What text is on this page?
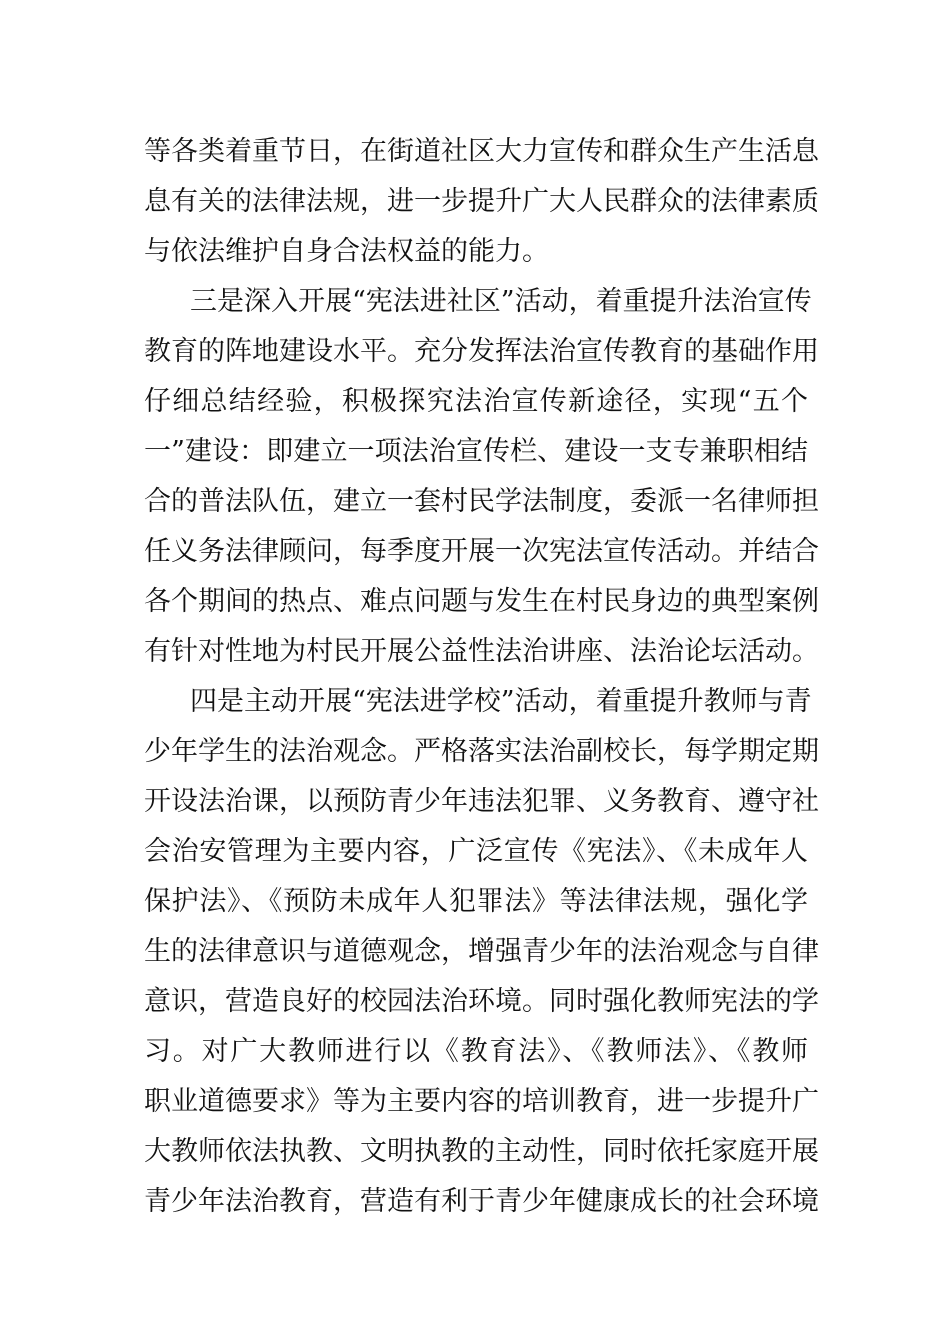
等各类着重节日，在街道社区大力宣传和群众生产生活息
息有关的法律法规，进一步提升广大人民群众的法律素质
与依法维护自身合法权益的能力。
三是深入开展“宪法进社区”活动，着重提升法治宣传
教育的阵地建设水平。充分发挥法治宣传教育的基础作用
仔细总结经验，积极探究法治宣传新途径，实现“五个
一”建设：即建立一项法治宣传栏、建设一支专兼职相结
合的普法队伍，建立一套村民学法制度，委派一名律师担
任义务法律顾问，每季度开展一次宪法宣传活动。并结合
各个期间的热点、难点问题与发生在村民身边的典型案例
有针对性地为村民开展公益性法治讲座、法治论坛活动。
四是主动开展“宪法进学校”活动，着重提升教师与青
少年学生的法治观念。严格落实法治副校长，每学期定期
开设法治课，以预防青少年违法犯罪、义务教育、遵守社
会治安管理为主要内容，广泛宣传《宪法》、《未成年人
保护法》、《预防未成年人犯罪法》等法律法规，强化学
生的法律意识与道德观念，增强青少年的法治观念与自律
意识，营造良好的校园法治环境。同时强化教师宪法的学
习。对广大教师进行以《教育法》、《教师法》、《教师
职业道德要求》等为主要内容的培训教育，进一步提升广
大教师依法执教、文明执教的主动性，同时依托家庭开展
青少年法治教育，营造有利于青少年健康成长的社会环境
